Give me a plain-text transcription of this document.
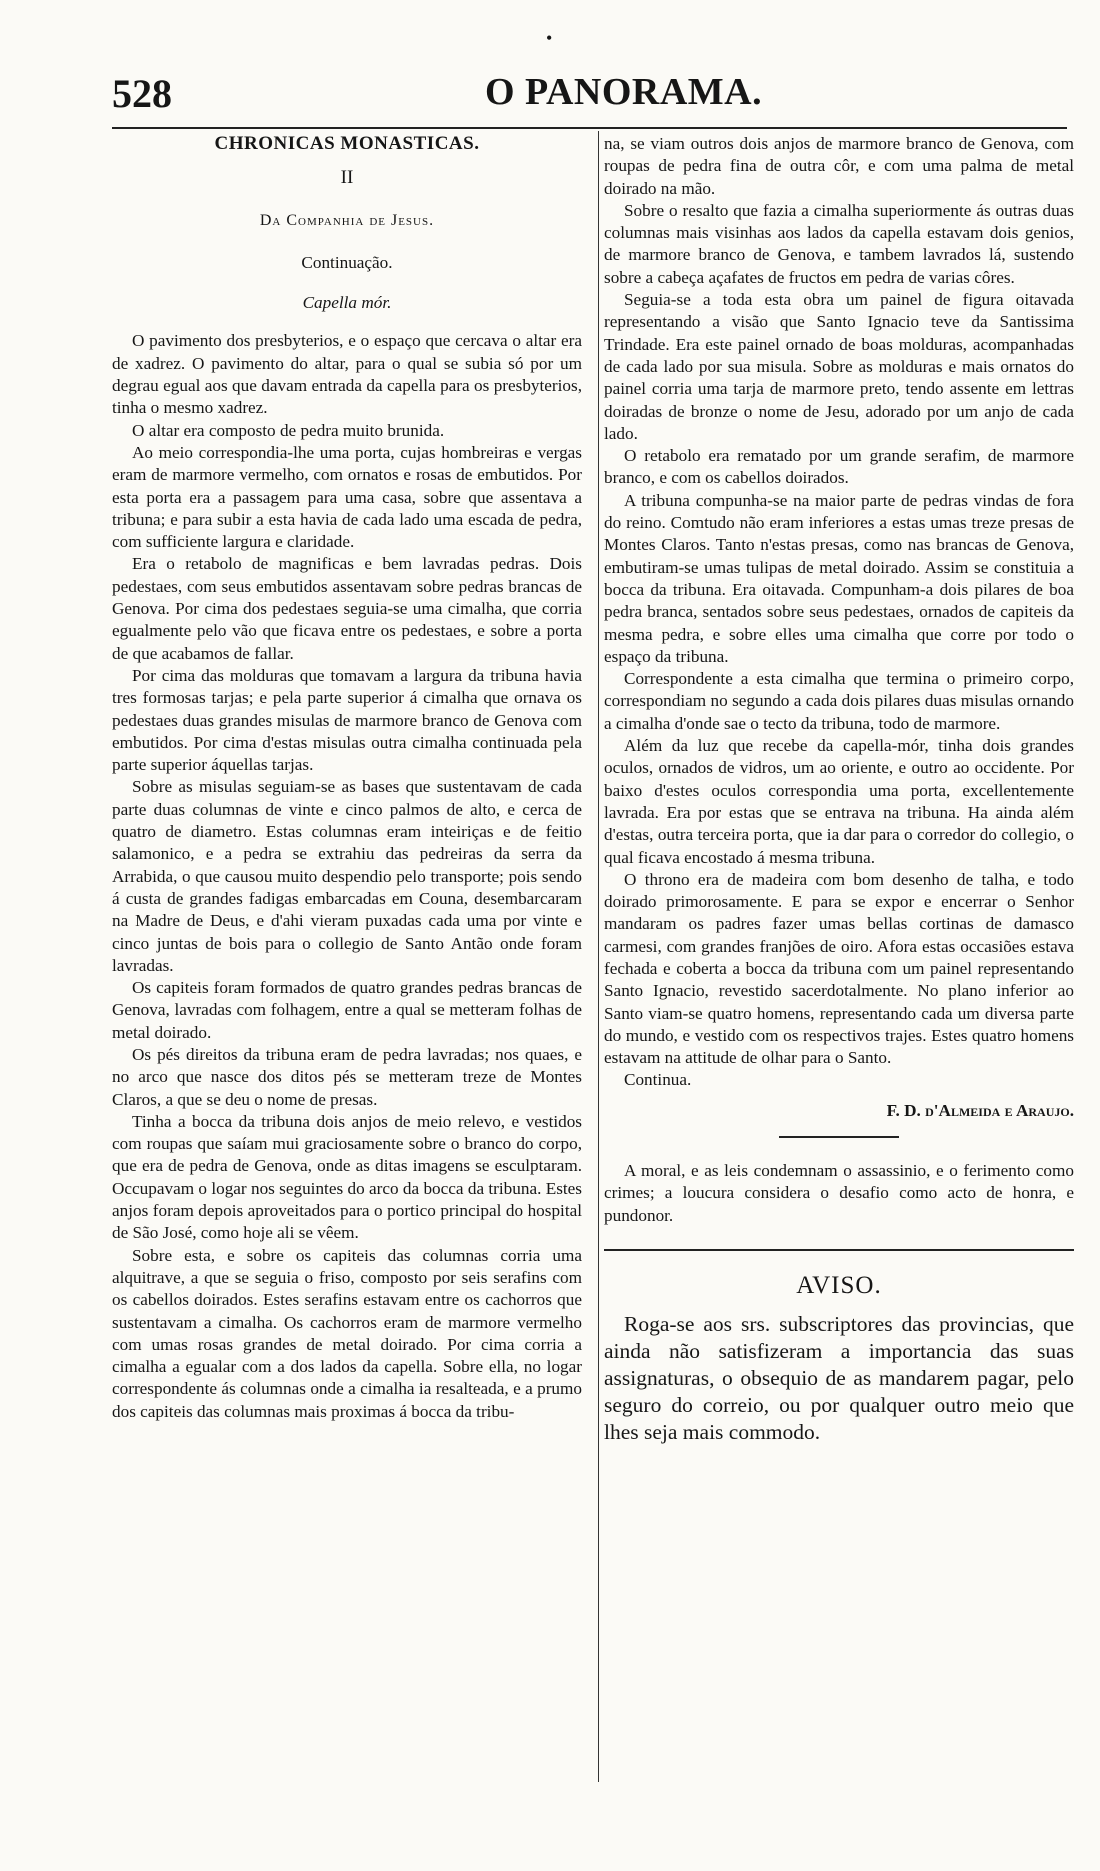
•
528	O PANORAMA.

CHRONICAS MONASTICAS.

II

Da Companhia de Jesus.

Continuação.

Capella mór.

O pavimento dos presbyterios, e o espaço que cercava o altar era de xadrez. O pavimento do altar, para o qual se subia só por um degrau egual aos que davam entrada da capella para os presbyterios, tinha o mesmo xadrez.

O altar era composto de pedra muito brunida.

Ao meio correspondia-lhe uma porta, cujas hombreiras e vergas eram de marmore vermelho, com ornatos e rosas de embutidos. Por esta porta era a passagem para uma casa, sobre que assentava a tribuna; e para subir a esta havia de cada lado uma escada de pedra, com sufficiente largura e claridade.

Era o retabolo de magnificas e bem lavradas pedras. Dois pedestaes, com seus embutidos assentavam sobre pedras brancas de Genova. Por cima dos pedestaes seguia-se uma cimalha, que corria egualmente pelo vão que ficava entre os pedestaes, e sobre a porta de que acabamos de fallar.

Por cima das molduras que tomavam a largura da tribuna havia tres formosas tarjas; e pela parte superior á cimalha que ornava os pedestaes duas grandes misulas de marmore branco de Genova com embutidos. Por cima d'estas misulas outra cimalha continuada pela parte superior áquellas tarjas.

Sobre as misulas seguiam-se as bases que sustentavam de cada parte duas columnas de vinte e cinco palmos de alto, e cerca de quatro de diametro. Estas columnas eram inteiriças e de feitio salamonico, e a pedra se extrahiu das pedreiras da serra da Arrabida, o que causou muito despendio pelo transporte; pois sendo á custa de grandes fadigas embarcadas em Couna, desembarcaram na Madre de Deus, e d'ahi vieram puxadas cada uma por vinte e cinco juntas de bois para o collegio de Santo Antão onde foram lavradas.

Os capiteis foram formados de quatro grandes pedras brancas de Genova, lavradas com folhagem, entre a qual se metteram folhas de metal doirado.

Os pés direitos da tribuna eram de pedra lavradas; nos quaes, e no arco que nasce dos ditos pés se metteram treze de Montes Claros, a que se deu o nome de presas.

Tinha a bocca da tribuna dois anjos de meio relevo, e vestidos com roupas que saíam mui graciosamente sobre o branco do corpo, que era de pedra de Genova, onde as ditas imagens se esculptaram. Occupavam o logar nos seguintes do arco da bocca da tribuna. Estes anjos foram depois aproveitados para o portico principal do hospital de São José, como hoje ali se vêem.

Sobre esta, e sobre os capiteis das columnas corria uma alquitrave, a que se seguia o friso, composto por seis serafins com os cabellos doirados. Estes serafins estavam entre os cachorros que sustentavam a cimalha. Os cachorros eram de marmore vermelho com umas rosas grandes de metal doirado. Por cima corria a cimalha a egualar com a dos lados da capella. Sobre ella, no logar correspondente ás columnas onde a cimalha ia resalteada, e a prumo dos capiteis das columnas mais proximas á bocca da tribu-

na, se viam outros dois anjos de marmore branco de Genova, com roupas de pedra fina de outra côr, e com uma palma de metal doirado na mão.

Sobre o resalto que fazia a cimalha superiormente ás outras duas columnas mais visinhas aos lados da capella estavam dois genios, de marmore branco de Genova, e tambem lavrados lá, sustendo sobre a cabeça açafates de fructos em pedra de varias côres.

Seguia-se a toda esta obra um painel de figura oitavada representando a visão que Santo Ignacio teve da Santissima Trindade. Era este painel ornado de boas molduras, acompanhadas de cada lado por sua misula. Sobre as molduras e mais ornatos do painel corria uma tarja de marmore preto, tendo assente em lettras doiradas de bronze o nome de Jesu, adorado por um anjo de cada lado.

O retabolo era rematado por um grande serafim, de marmore branco, e com os cabellos doirados.

A tribuna compunha-se na maior parte de pedras vindas de fora do reino. Comtudo não eram inferiores a estas umas treze presas de Montes Claros. Tanto n'estas presas, como nas brancas de Genova, embutiram-se umas tulipas de metal doirado. Assim se constituia a bocca da tribuna. Era oitavada. Compunham-a dois pilares de boa pedra branca, sentados sobre seus pedestaes, ornados de capiteis da mesma pedra, e sobre elles uma cimalha que corre por todo o espaço da tribuna.

Correspondente a esta cimalha que termina o primeiro corpo, correspondiam no segundo a cada dois pilares duas misulas ornando a cimalha d'onde sae o tecto da tribuna, todo de marmore.

Além da luz que recebe da capella-mór, tinha dois grandes oculos, ornados de vidros, um ao oriente, e outro ao occidente. Por baixo d'estes oculos correspondia uma porta, excellentemente lavrada. Era por estas que se entrava na tribuna. Ha ainda além d'estas, outra terceira porta, que ia dar para o corredor do collegio, o qual ficava encostado á mesma tribuna.

O throno era de madeira com bom desenho de talha, e todo doirado primorosamente. E para se expor e encerrar o Senhor mandaram os padres fazer umas bellas cortinas de damasco carmesi, com grandes franjões de oiro. Afora estas occasiões estava fechada e coberta a bocca da tribuna com um painel representando Santo Ignacio, revestido sacerdotalmente. No plano inferior ao Santo viam-se quatro homens, representando cada um diversa parte do mundo, e vestido com os respectivos trajes. Estes quatro homens estavam na attitude de olhar para o Santo.

Continua.

F. D. d'Almeida e Araujo.

A moral, e as leis condemnam o assassinio, e o ferimento como crimes; a loucura considera o desafio como acto de honra, e pundonor.

AVISO.

Roga-se aos srs. subscriptores das provincias, que ainda não satisfizeram a importancia das suas assignaturas, o obsequio de as mandarem pagar, pelo seguro do correio, ou por qualquer outro meio que lhes seja mais commodo.
